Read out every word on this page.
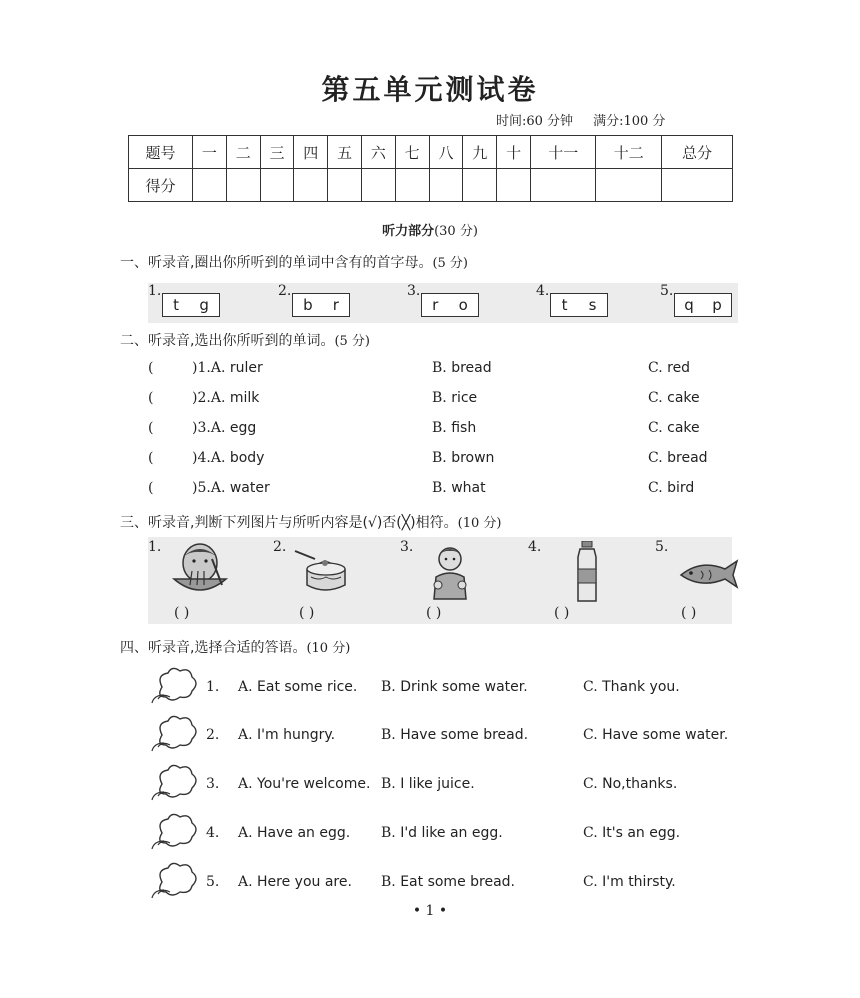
第五单元测试卷
时间:60 分钟 满分:100 分
题号	一	二	三	四	五	六	七	八	九	十	十一	十二	总分
得分													
听力部分(30 分)
一、听录音,圈出你所听到的单词中含有的首字母。(5 分)
1.
t g
2.
b r
3.
r o
4.
t s
5.
q p
二、听录音,选出你所听到的单词。(5 分)
(	)1.A. ruler	B. bread	C. red
(	)2.A. milk	B. rice	C. cake
(	)3.A. egg	B. fish	C. cake
(	)4.A. body	B. brown	C. bread
(	)5.A. water	B. what	C. bird
三、听录音,判断下列图片与所听内容是(√)否(╳)相符。(10 分)
1.
( )
2.
( )
3.
( )
4.
( )
5.
( )
四、听录音,选择合适的答语。(10 分)
1. A. Eat some rice. B. Drink some water.	C. Thank you.
2. A. I'm hungry.	B. Have some bread.	C. Have some water.
3. A. You're welcome. B. I like juice.	C. No,thanks.
4. A. Have an egg. B. I'd like an egg.	C. It's an egg.
5. A. Here you are. B. Eat some bread.	C. I'm thirsty.
• 1 •
